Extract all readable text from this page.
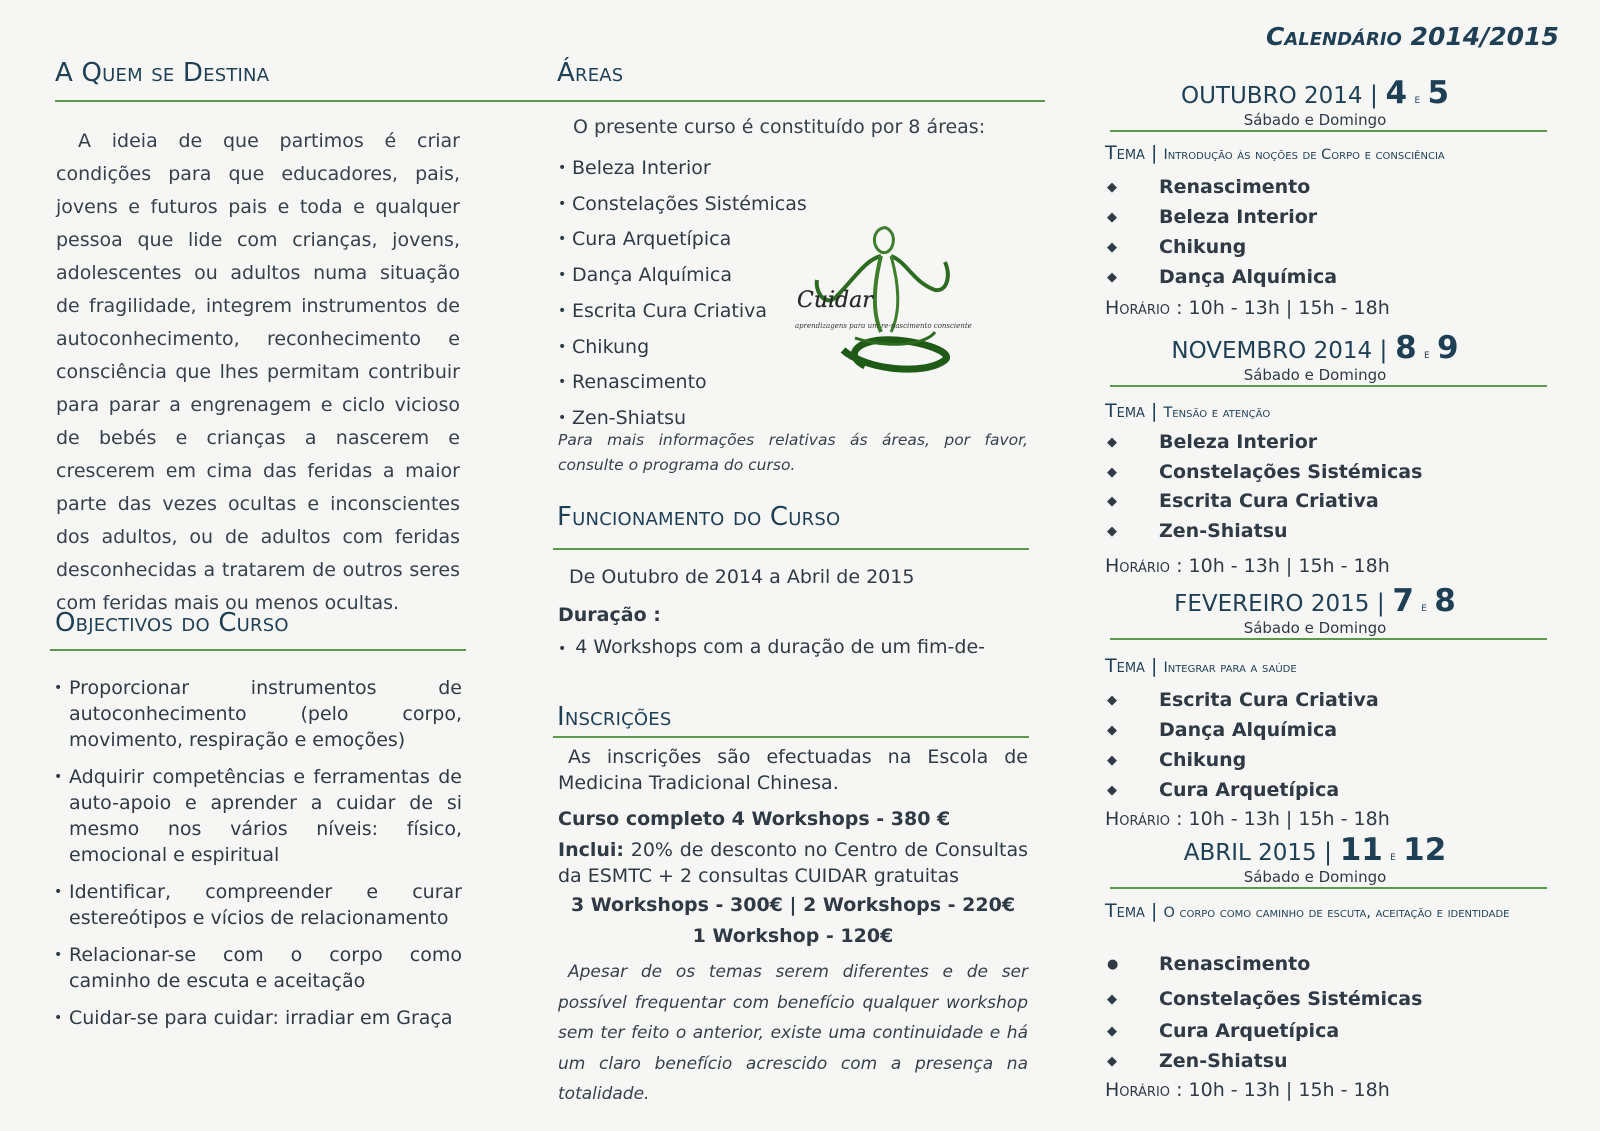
A Quem se Destina

A ideia de que partimos é criar condições para que educadores, pais, jovens e futuros pais e toda e qualquer pessoa que lide com crianças, jovens, adolescentes ou adultos numa situação de fragilidade, integrem instrumentos de autoconhecimento, reconhecimento e consciência que lhes permitam contribuir para parar a engrenagem e ciclo vicioso de bebés e crianças a nascerem e crescerem em cima das feridas a maior parte das vezes ocultas e inconscientes dos adultos, ou de adultos com feridas desconhecidas a tratarem de outros seres com feridas mais ou menos ocultas.

Objectivos do Curso
• Proporcionar instrumentos de autoconhecimento (pelo corpo, movimento, respiração e emoções)
• Adquirir competências e ferramentas de auto-apoio e aprender a cuidar de si mesmo nos vários níveis: físico, emocional e espiritual
• Identificar, compreender e curar estereótipos e vícios de relacionamento
• Relacionar-se com o corpo como caminho de escuta e aceitação
• Cuidar-se para cuidar: irradiar em Graça
Áreas
O presente curso é constituído por 8 áreas:
• Beleza Interior
• Constelações Sistémicas
• Cura Arquetípica
• Dança Alquímica
• Escrita Cura Criativa
• Chikung
• Renascimento
• Zen-Shiatsu
Cuidar
aprendizagens para um re-nascimento consciente
Para mais informações relativas ás áreas, por favor, consulte o programa do curso.
Funcionamento do Curso
De Outubro de 2014 a Abril de 2015
Duração :
• 4 Workshops com a duração de um fim-de-
Inscrições
As inscrições são efectuadas na Escola de Medicina Tradicional Chinesa.
Curso completo 4 Workshops - 380 €
Inclui: 20% de desconto no Centro de Consultas da ESMTC + 2 consultas CUIDAR gratuitas
3 Workshops - 300€ | 2 Workshops - 220€
1 Workshop - 120€
Apesar de os temas serem diferentes e de ser possível frequentar com benefício qualquer workshop sem ter feito o anterior, existe uma continuidade e há um claro benefício acrescido com a presença na totalidade.
Calendário 2014/2015
OUTUBRO 2014 | 4 e 5
Sábado e Domingo
Tema | Introdução às noções de Corpo e consciência
◆ Renascimento
◆ Beleza Interior
◆ Chikung
◆ Dança Alquímica
Horário : 10h - 13h | 15h - 18h
NOVEMBRO 2014 | 8 e 9
Sábado e Domingo
Tema | Tensão e atenção
◆ Beleza Interior
◆ Constelações Sistémicas
◆ Escrita Cura Criativa
◆ Zen-Shiatsu
Horário : 10h - 13h | 15h - 18h
FEVEREIRO 2015 | 7 e 8
Sábado e Domingo
Tema | Integrar para a saúde
◆ Escrita Cura Criativa
◆ Dança Alquímica
◆ Chikung
◆ Cura Arquetípica
Horário : 10h - 13h | 15h - 18h
ABRIL 2015 | 11 e 12
Sábado e Domingo
Tema | O corpo como caminho de escuta, aceitação e identidade
● Renascimento
◆ Constelações Sistémicas
◆ Cura Arquetípica
◆ Zen-Shiatsu
Horário : 10h - 13h | 15h - 18h
